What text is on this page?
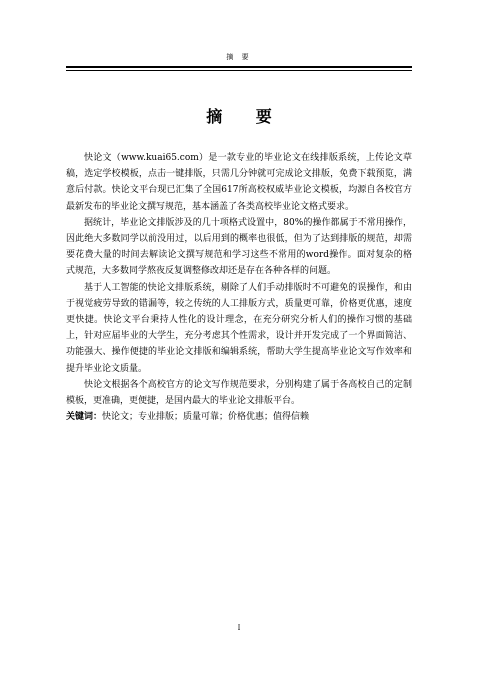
摘 要
摘 要

快论文（www.kuai65.com）是一款专业的毕业论文在线排版系统，上传论文草稿，选定学校模板，点击一键排版，只需几分钟就可完成论文排版，免费下载预览，满意后付款。快论文平台现已汇集了全国617所高校权威毕业论文模板，均源自各校官方最新发布的毕业论文撰写规范，基本涵盖了各类高校毕业论文格式要求。

据统计，毕业论文排版涉及的几十项格式设置中，80%的操作都属于不常用操作，因此绝大多数同学以前没用过，以后用到的概率也很低，但为了达到排版的规范，却需要花费大量的时间去解读论文撰写规范和学习这些不常用的word操作。面对复杂的格式规范，大多数同学熬夜反复调整修改却还是存在各种各样的问题。

基于人工智能的快论文排版系统，剔除了人们手动排版时不可避免的误操作，和由于视觉疲劳导致的错漏等，较之传统的人工排版方式，质量更可靠，价格更优惠，速度更快捷。快论文平台秉持人性化的设计理念，在充分研究分析人们的操作习惯的基础上，针对应届毕业的大学生，充分考虑其个性需求，设计并开发完成了一个界面简洁、功能强大、操作便捷的毕业论文排版和编辑系统，帮助大学生提高毕业论文写作效率和提升毕业论文质量。

快论文根据各个高校官方的论文写作规范要求，分别构建了属于各高校自己的定制模板，更准确，更便捷，是国内最大的毕业论文排版平台。

关键词：快论文；专业排版；质量可靠；价格优惠；值得信赖
I
